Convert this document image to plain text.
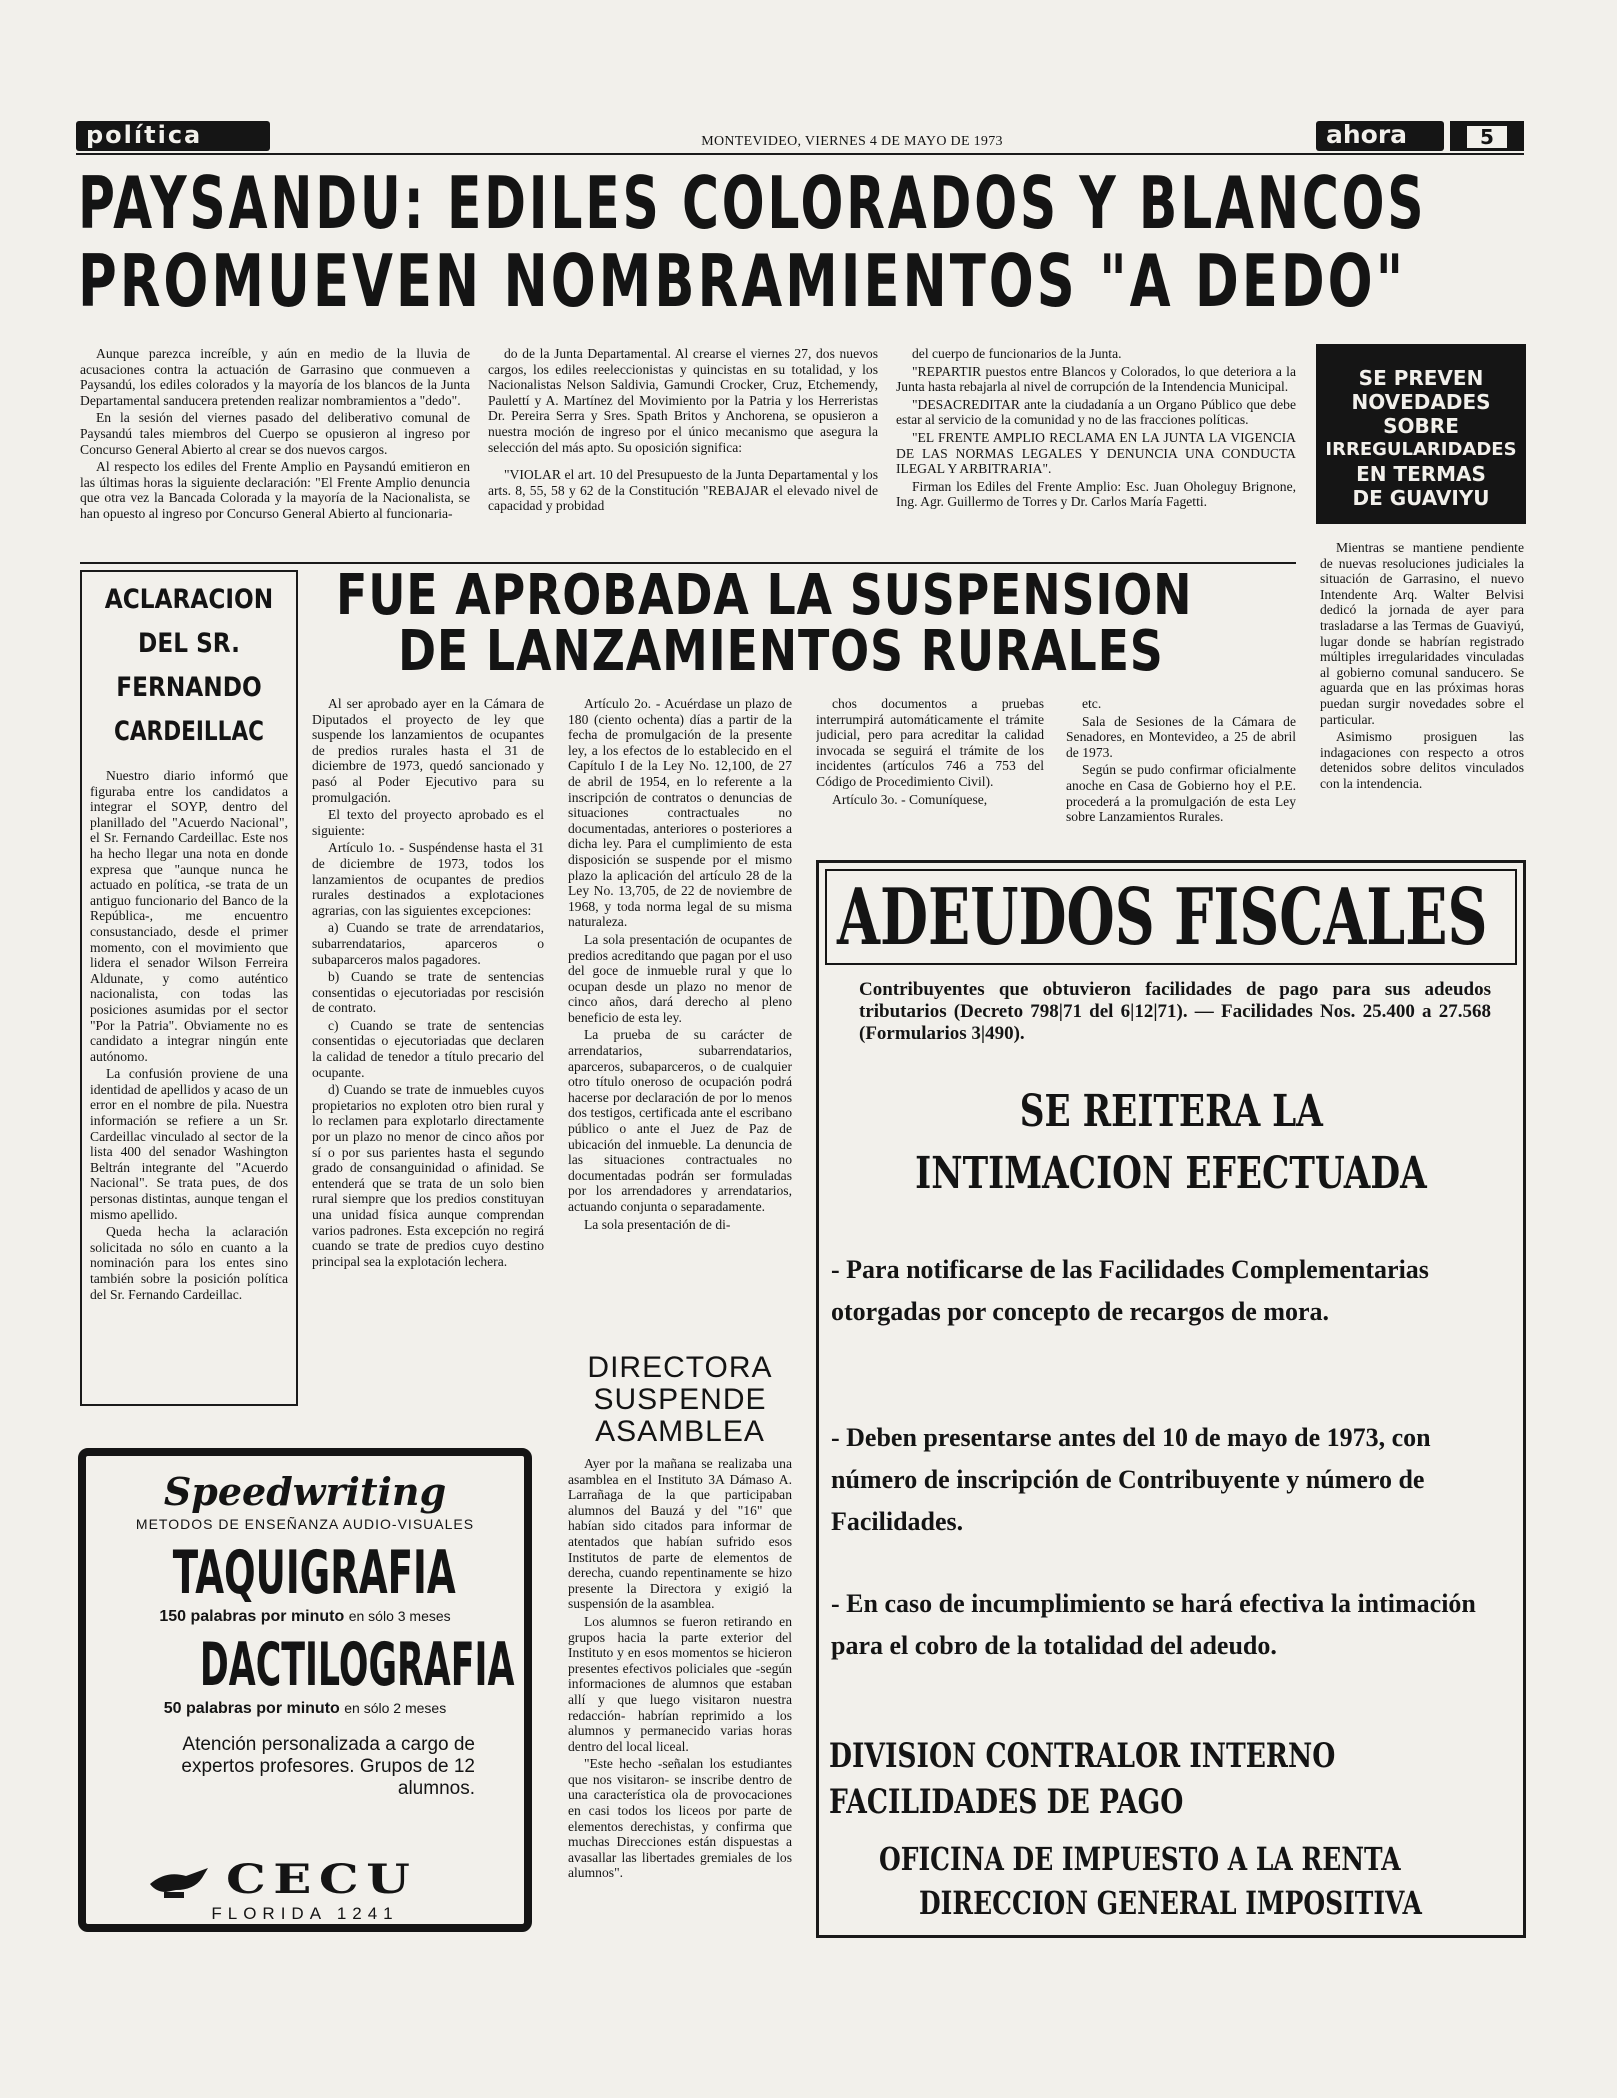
política	MONTEVIDEO, VIERNES 4 DE MAYO DE 1973	ahora	5
PAYSANDU: EDILES COLORADOS Y BLANCOS
PROMUEVEN NOMBRAMIENTOS "A DEDO"

Aunque parezca increíble, y aún en medio de la lluvia de acusaciones contra la actuación de Garrasino que conmueven a Paysandú, los ediles colorados y la mayoría de los blancos de la Junta Departamental sanducera pretenden realizar nombramientos a "dedo".

En la sesión del viernes pasado del deliberativo comunal de Paysandú tales miembros del Cuerpo se opusieron al ingreso por Concurso General Abierto al crear se dos nuevos cargos.

Al respecto los ediles del Frente Amplio en Paysandú emitieron en las últimas horas la siguiente declaración: "El Frente Amplio denuncia que otra vez la Bancada Colorada y la mayoría de la Nacionalista, se han opuesto al ingreso por Concurso General Abierto al funcionaria-

do de la Junta Departamental. Al crearse el viernes 27, dos nuevos cargos, los ediles reeleccionistas y quincistas en su totalidad, y los Nacionalistas Nelson Saldivia, Gamundi Crocker, Cruz, Etchemendy, Paulettí y A. Martínez del Movimiento por la Patria y los Herreristas Dr. Pereira Serra y Sres. Spath Britos y Anchorena, se opusieron a nuestra moción de ingreso por el único mecanismo que asegura la selección del más apto. Su oposición significa:

"VIOLAR el art. 10 del Presupuesto de la Junta Departamental y los arts. 8, 55, 58 y 62 de la Constitución "REBAJAR el elevado nivel de capacidad y probidad

del cuerpo de funcionarios de la Junta.

"REPARTIR puestos entre Blancos y Colorados, lo que deteriora a la Junta hasta rebajarla al nivel de corrupción de la Intendencia Municipal.

"DESACREDITAR ante la ciudadanía a un Organo Público que debe estar al servicio de la comunidad y no de las fracciones políticas.

"EL FRENTE AMPLIO RECLAMA EN LA JUNTA LA VIGENCIA DE LAS NORMAS LEGALES Y DENUNCIA UNA CONDUCTA ILEGAL Y ARBITRARIA".

Firman los Ediles del Frente Amplio: Esc. Juan Oholeguy Brignone, Ing. Agr. Guillermo de Torres y Dr. Carlos María Fagetti.

SE PREVEN
NOVEDADES
SOBRE
IRREGULARIDADES
EN TERMAS
DE GUAVIYU

Mientras se mantiene pendiente de nuevas resoluciones judiciales la situación de Garrasino, el nuevo Intendente Arq. Walter Belvisi dedicó la jornada de ayer para trasladarse a las Termas de Guaviyú, lugar donde se habrían registrado múltiples irregularidades vinculadas al gobierno comunal sanducero. Se aguarda que en las próximas horas puedan surgir novedades sobre el particular.

Asimismo prosiguen las indagaciones con respecto a otros detenidos sobre delitos vinculados con la intendencia.

ACLARACION
DEL SR.
FERNANDO
CARDEILLAC

Nuestro diario informó que figuraba entre los candidatos a integrar el SOYP, dentro del planillado del "Acuerdo Nacional", el Sr. Fernando Cardeillac. Este nos ha hecho llegar una nota en donde expresa que "aunque nunca he actuado en política, -se trata de un antiguo funcionario del Banco de la República-, me encuentro consustanciado, desde el primer momento, con el movimiento que lidera el senador Wilson Ferreira Aldunate, y como auténtico nacionalista, con todas las posiciones asumidas por el sector "Por la Patria". Obviamente no es candidato a integrar ningún ente autónomo.

La confusión proviene de una identidad de apellidos y acaso de un error en el nombre de pila. Nuestra información se refiere a un Sr. Cardeillac vinculado al sector de la lista 400 del senador Washington Beltrán integrante del "Acuerdo Nacional". Se trata pues, de dos personas distintas, aunque tengan el mismo apellido.

Queda hecha la aclaración solicitada no sólo en cuanto a la nominación para los entes sino también sobre la posición política del Sr. Fernando Cardeillac.

FUE APROBADA LA SUSPENSION
DE LANZAMIENTOS RURALES

Al ser aprobado ayer en la Cámara de Diputados el proyecto de ley que suspende los lanzamientos de ocupantes de predios rurales hasta el 31 de diciembre de 1973, quedó sancionado y pasó al Poder Ejecutivo para su promulgación.

El texto del proyecto aprobado es el siguiente:

Artículo 1o. - Suspéndense hasta el 31 de diciembre de 1973, todos los lanzamientos de ocupantes de predios rurales destinados a explotaciones agrarias, con las siguientes excepciones:

a) Cuando se trate de arrendatarios, subarrendatarios, aparceros o subaparceros malos pagadores.

b) Cuando se trate de sentencias consentidas o ejecutoriadas por rescisión de contrato.

c) Cuando se trate de sentencias consentidas o ejecutoriadas que declaren la calidad de tenedor a título precario del ocupante.

d) Cuando se trate de inmuebles cuyos propietarios no exploten otro bien rural y lo reclamen para explotarlo directamente por un plazo no menor de cinco años por sí o por sus parientes hasta el segundo grado de consanguinidad o afinidad. Se entenderá que se trata de un solo bien rural siempre que los predios constituyan una unidad física aunque comprendan varios padrones. Esta excepción no regirá cuando se trate de predios cuyo destino principal sea la explotación lechera.

Artículo 2o. - Acuérdase un plazo de 180 (ciento ochenta) días a partir de la fecha de promulgación de la presente ley, a los efectos de lo establecido en el Capítulo I de la Ley No. 12,100, de 27 de abril de 1954, en lo referente a la inscripción de contratos o denuncias de situaciones contractuales no documentadas, anteriores o posteriores a dicha ley. Para el cumplimiento de esta disposición se suspende por el mismo plazo la aplicación del artículo 28 de la Ley No. 13,705, de 22 de noviembre de 1968, y toda norma legal de su misma naturaleza.

La sola presentación de ocupantes de predios acreditando que pagan por el uso del goce de inmueble rural y que lo ocupan desde un plazo no menor de cinco años, dará derecho al pleno beneficio de esta ley.

La prueba de su carácter de arrendatarios, subarrendatarios, aparceros, subaparceros, o de cualquier otro título oneroso de ocupación podrá hacerse por declaración de por lo menos dos testigos, certificada ante el escribano público o ante el Juez de Paz de ubicación del inmueble. La denuncia de las situaciones contractuales no documentadas podrán ser formuladas por los arrendadores y arrendatarios, actuando conjunta o separadamente.

La sola presentación de di-

chos documentos a pruebas interrumpirá automáticamente el trámite judicial, pero para acreditar la calidad invocada se seguirá el trámite de los incidentes (artículos 746 a 753 del Código de Procedimiento Civil).

Artículo 3o. - Comuníquese,

etc.

Sala de Sesiones de la Cámara de Senadores, en Montevideo, a 25 de abril de 1973.

Según se pudo confirmar oficialmente anoche en Casa de Gobierno hoy el P.E. procederá a la promulgación de esta Ley sobre Lanzamientos Rurales.

DIRECTORA
SUSPENDE
ASAMBLEA

Ayer por la mañana se realizaba una asamblea en el Instituto 3A Dámaso A. Larrañaga de la que participaban alumnos del Bauzá y del "16" que habían sido citados para informar de atentados que habían sufrido esos Institutos de parte de elementos de derecha, cuando repentinamente se hizo presente la Directora y exigió la suspensión de la asamblea.

Los alumnos se fueron retirando en grupos hacia la parte exterior del Instituto y en esos momentos se hicieron presentes efectivos policiales que -según informaciones de alumnos que estaban allí y que luego visitaron nuestra redacción- habrían reprimido a los alumnos y permanecido varias horas dentro del local liceal.

"Este hecho -señalan los estudiantes que nos visitaron- se inscribe dentro de una característica ola de provocaciones en casi todos los liceos por parte de elementos derechistas, y confirma que muchas Direcciones están dispuestas a avasallar las libertades gremiales de los alumnos".

Speedwriting
METODOS DE ENSEÑANZA AUDIO-VISUALES
TAQUIGRAFIA
150 palabras por minuto en sólo 3 meses
DACTILOGRAFIA
50 palabras por minuto en sólo 2 meses
Atención personalizada a cargo de expertos profesores. Grupos de 12 alumnos.
CECU
FLORIDA 1241
ADEUDOS FISCALES
Contribuyentes que obtuvieron facilidades de pago para sus adeudos tributarios (Decreto 798|71 del 6|12|71). — Facilidades Nos. 25.400 a 27.568 (Formularios 3|490).
SE REITERA LA
INTIMACION EFECTUADA
- Para notificarse de las Facilidades Complementarias otorgadas por concepto de recargos de mora.
- Deben presentarse antes del 10 de mayo de 1973, con número de inscripción de Contribuyente y número de Facilidades.
- En caso de incumplimiento se hará efectiva la intimación para el cobro de la totalidad del adeudo.
DIVISION CONTRALOR INTERNO
FACILIDADES DE PAGO
OFICINA DE IMPUESTO A LA RENTA
DIRECCION GENERAL IMPOSITIVA
